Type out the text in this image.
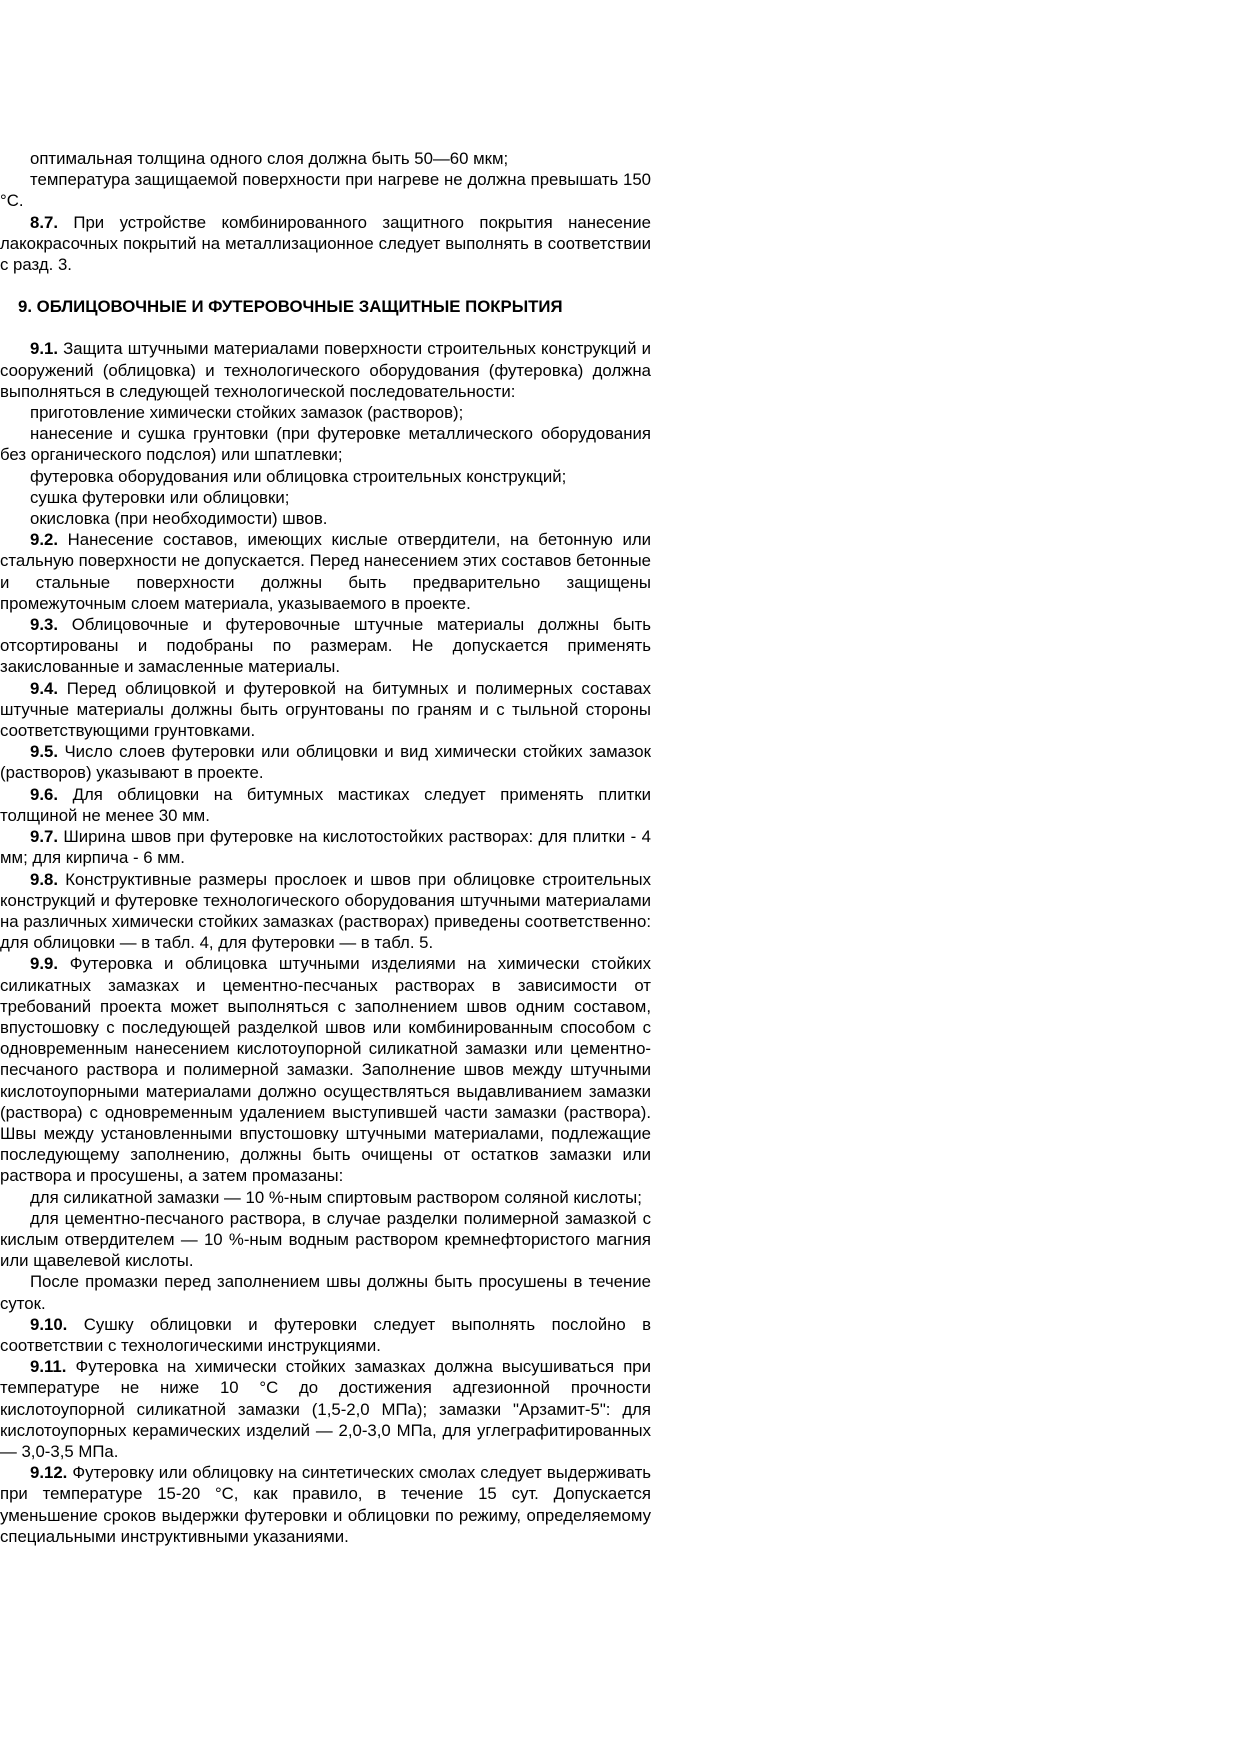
оптимальная толщина одного слоя должна быть 50—60 мкм;

температура защищаемой поверхности при нагреве не должна превышать 150 °С.

8.7. При устройстве комбинированного защитного покрытия нанесение лакокрасочных покрытий на металлизационное следует выполнять в соответствии с разд. 3.

9. ОБЛИЦОВОЧНЫЕ И ФУТЕРОВОЧНЫЕ ЗАЩИТНЫЕ ПОКРЫТИЯ

9.1. Защита штучными материалами поверхности строительных конструкций и сооружений (облицовка) и технологического оборудования (футеровка) должна выполняться в следующей технологической последовательности:

приготовление химически стойких замазок (растворов);

нанесение и сушка грунтовки (при футеровке металлического оборудования без органического подслоя) или шпатлевки;

футеровка оборудования или облицовка строительных конструкций;

сушка футеровки или облицовки;

окисловка (при необходимости) швов.

9.2. Нанесение составов, имеющих кислые отвердители, на бетонную или стальную поверхности не допускается. Перед нанесением этих составов бетонные и стальные поверхности должны быть предварительно защищены промежуточным слоем материала, указываемого в проекте.

9.3. Облицовочные и футеровочные штучные материалы должны быть отсортированы и подобраны по размерам. Не допускается применять закислованные и замасленные материалы.

9.4. Перед облицовкой и футеровкой на битумных и полимерных составах штучные материалы должны быть огрунтованы по граням и с тыльной стороны соответствующими грунтовками.

9.5. Число слоев футеровки или облицовки и вид химически стойких замазок (растворов) указывают в проекте.

9.6. Для облицовки на битумных мастиках следует применять плитки толщиной не менее 30 мм.

9.7. Ширина швов при футеровке на кислотостойких растворах: для плитки - 4 мм; для кирпича - 6 мм.

9.8. Конструктивные размеры прослоек и швов при облицовке строительных конструкций и футеровке технологического оборудования штучными материалами на различных химически стойких замазках (растворах) приведены соответственно: для облицовки — в табл. 4, для футеровки — в табл. 5.

9.9. Футеровка и облицовка штучными изделиями на химически стойких силикатных замазках и цементно-песчаных растворах в зависимости от требований проекта может выполняться с заполнением швов одним составом, впустошовку с последующей разделкой швов или комбинированным способом с одновременным нанесением кислотоупорной силикатной замазки или цементно-песчаного раствора и полимерной замазки. Заполнение швов между штучными кислотоупорными материалами должно осуществляться выдавливанием замазки (раствора) с одновременным удалением выступившей части замазки (раствора). Швы между установленными впустошовку штучными материалами, подлежащие последующему заполнению, должны быть очищены от остатков замазки или раствора и просушены, а затем промазаны:

для силикатной замазки — 10 %-ным спиртовым раствором соляной кислоты;

для цементно-песчаного раствора, в случае разделки полимерной замазкой с кислым отвердителем — 10 %-ным водным раствором кремнефтористого магния или щавелевой кислоты.

После промазки перед заполнением швы должны быть просушены в течение суток.

9.10. Сушку облицовки и футеровки следует выполнять послойно в соответствии с технологическими инструкциями.

9.11. Футеровка на химически стойких замазках должна высушиваться при температуре не ниже 10 °С до достижения адгезионной прочности кислотоупорной силикатной замазки (1,5-2,0 МПа); замазки "Арзамит-5": для кислотоупорных керамических изделий — 2,0-3,0 МПа, для углеграфитированных — 3,0-3,5 МПа.

9.12. Футеровку или облицовку на синтетических смолах следует выдерживать при температуре 15-20 °С, как правило, в течение 15 сут. Допускается уменьшение сроков выдержки футеровки и облицовки по режиму, определяемому специальными инструктивными указаниями.
